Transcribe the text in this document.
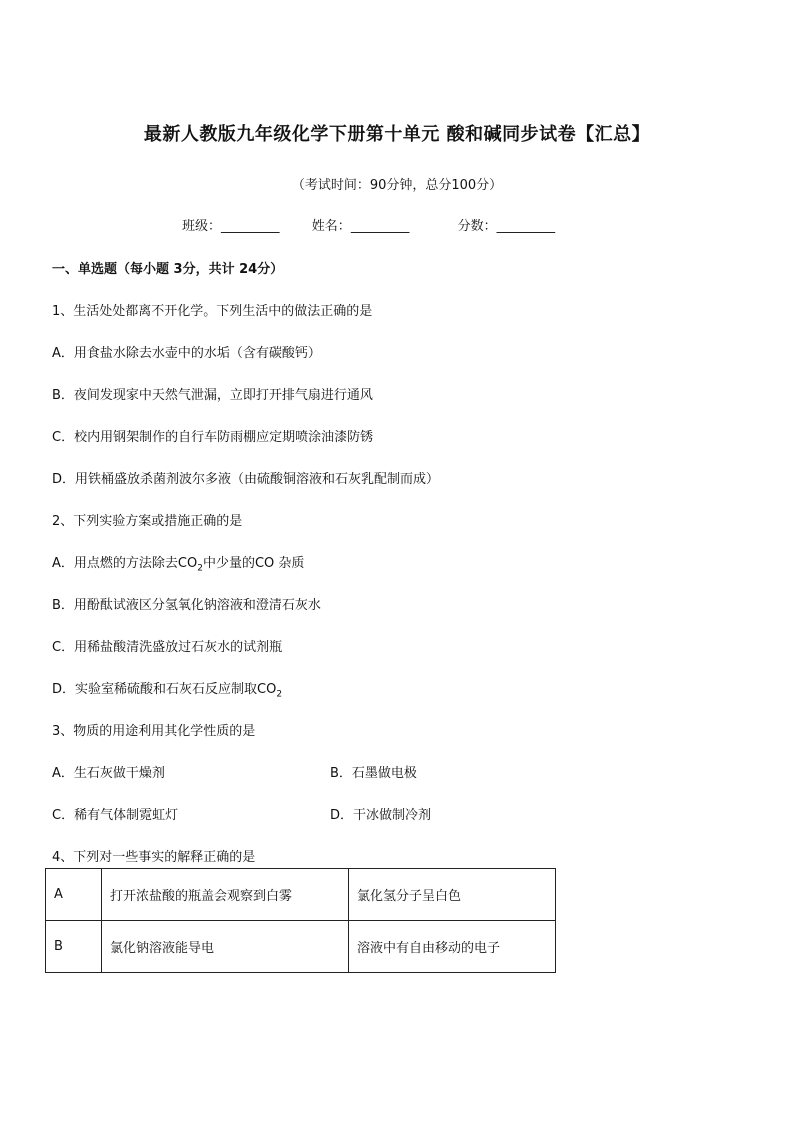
最新人教版九年级化学下册第十单元 酸和碱同步试卷【汇总】
（考试时间：90分钟，总分100分）
班级：_________ 姓名：_________	分数：_________
一、单选题（每小题 3分，共计 24分）
1、生活处处都离不开化学。下列生活中的做法正确的是
A．用食盐水除去水壶中的水垢（含有碳酸钙）
B．夜间发现家中天然气泄漏，立即打开排气扇进行通风
C．校内用钢架制作的自行车防雨棚应定期喷涂油漆防锈
D．用铁桶盛放杀菌剂波尔多液（由硫酸铜溶液和石灰乳配制而成）
2、下列实验方案或措施正确的是
A．用点燃的方法除去$CO_2$中少量的CO 杂质
B．用酚酞试液区分氢氧化钠溶液和澄清石灰水
C．用稀盐酸清洗盛放过石灰水的试剂瓶
D．实验室稀硫酸和石灰石反应制取$CO_2$
3、物质的用途利用其化学性质的是
A．生石灰做干燥剂	B．石墨做电极
C．稀有气体制霓虹灯	D．干冰做制冷剂
4、下列对一些事实的解释正确的是
A	打开浓盐酸的瓶盖会观察到白雾	氯化氢分子呈白色
B	氯化钠溶液能导电	溶液中有自由移动的电子
